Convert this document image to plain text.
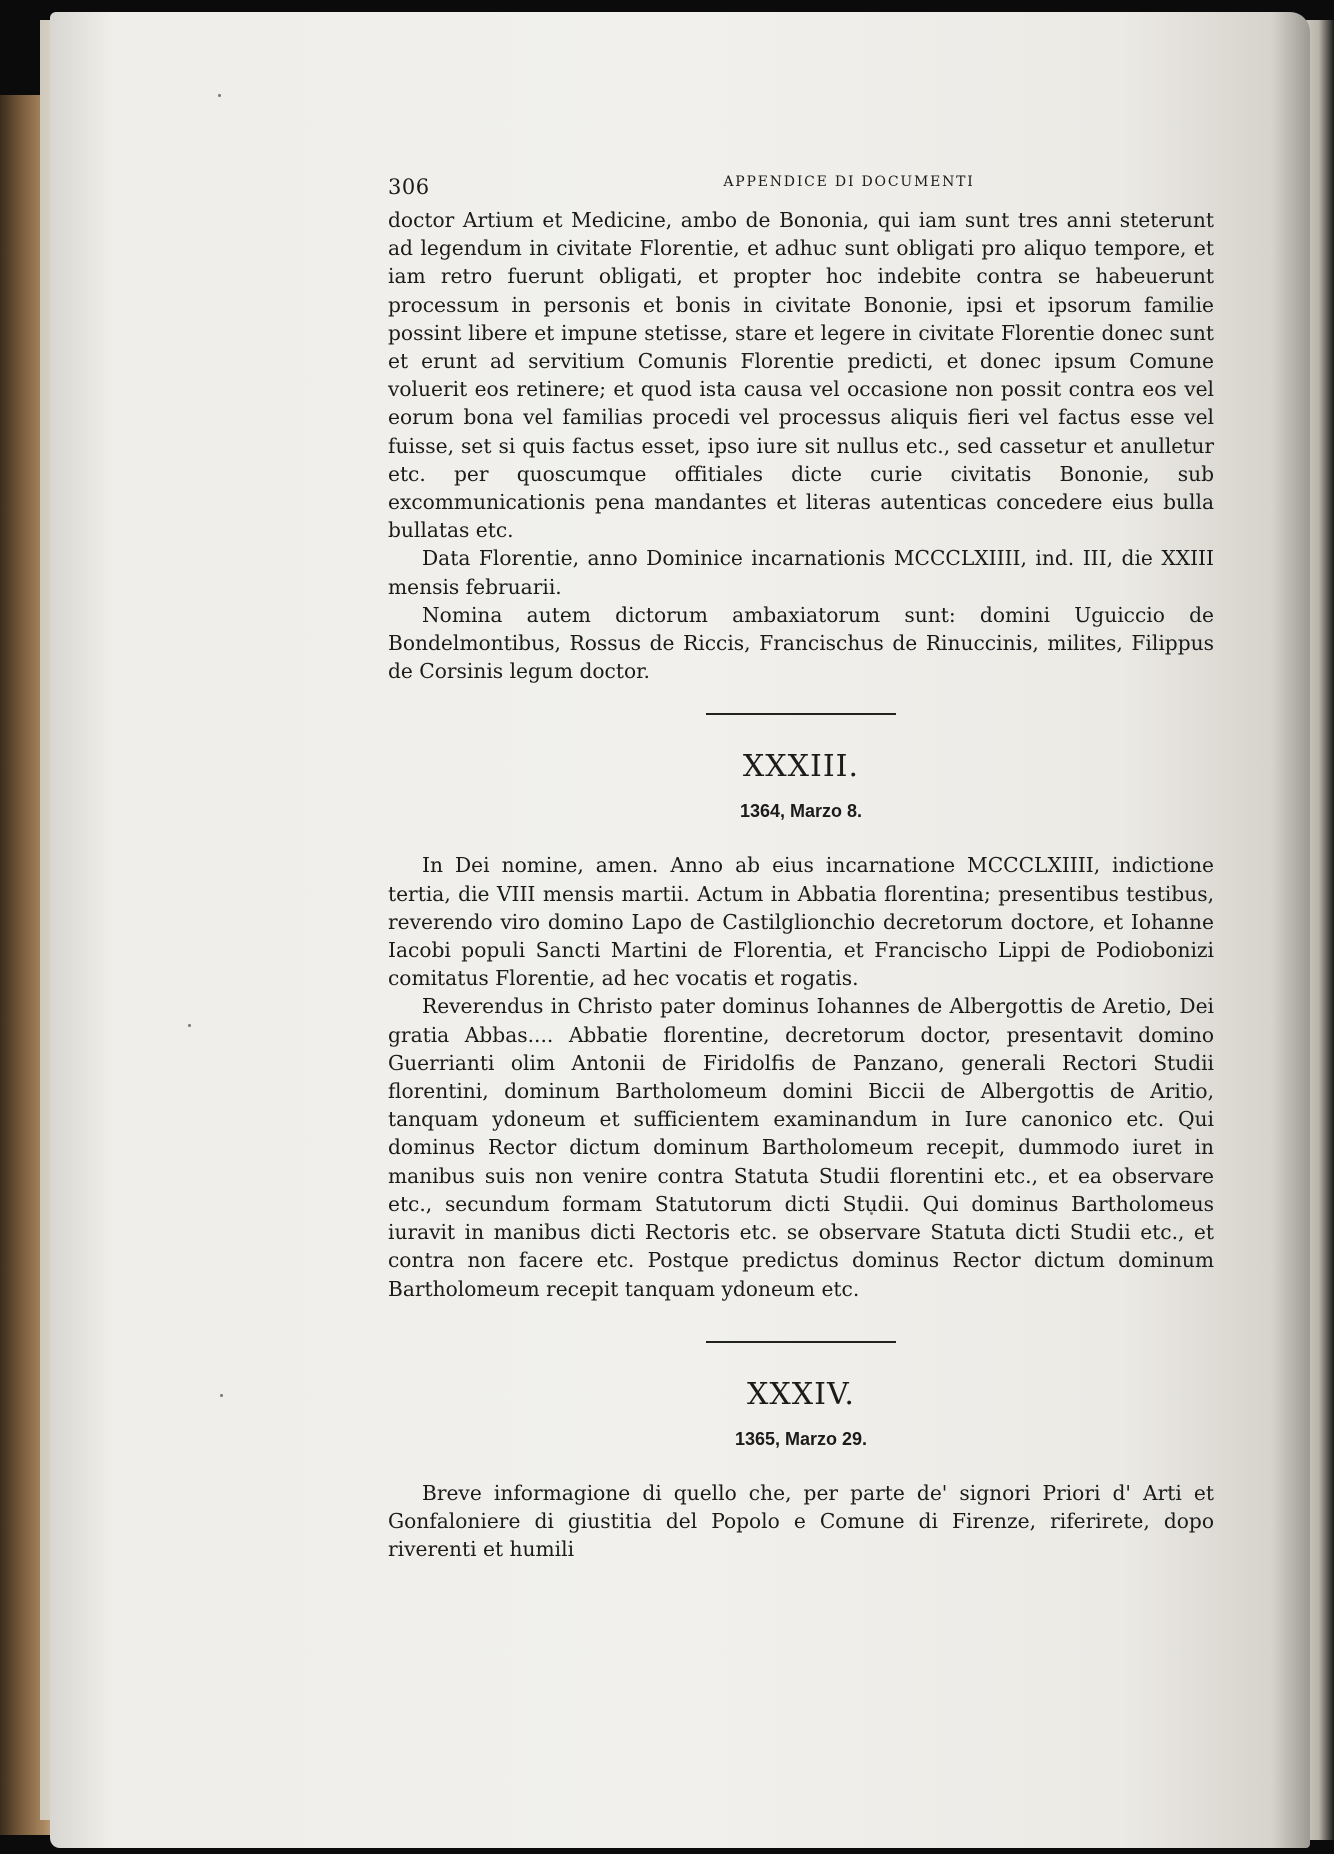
306	APPENDICE DI DOCUMENTI

doctor Artium et Medicine, ambo de Bononia, qui iam sunt tres anni steterunt ad legendum in civitate Florentie, et adhuc sunt obligati pro aliquo tempore, et iam retro fuerunt obligati, et propter hoc indebite contra se habeuerunt processum in personis et bonis in civitate Bononie, ipsi et ipsorum familie possint libere et impune stetisse, stare et legere in civitate Florentie donec sunt et erunt ad servitium Comunis Florentie predicti, et donec ipsum Comune voluerit eos retinere; et quod ista causa vel occasione non possit contra eos vel eorum bona vel familias procedi vel processus aliquis fieri vel factus esse vel fuisse, set si quis factus esset, ipso iure sit nullus etc., sed cassetur et anulletur etc. per quoscumque offitiales dicte curie civitatis Bononie, sub excommunicationis pena mandantes et literas autenticas concedere eius bulla bullatas etc.

Data Florentie, anno Dominice incarnationis MCCCLXIIII, ind. III, die XXIII mensis februarii.

Nomina autem dictorum ambaxiatorum sunt: domini Uguiccio de Bondelmontibus, Rossus de Riccis, Francischus de Rinuccinis, milites, Filippus de Corsinis legum doctor.

XXXIII.
1364, Marzo 8.

In Dei nomine, amen. Anno ab eius incarnatione MCCCLXIIII, indictione tertia, die VIII mensis martii. Actum in Abbatia florentina; presentibus testibus, reverendo viro domino Lapo de Castilglionchio decretorum doctore, et Iohanne Iacobi populi Sancti Martini de Florentia, et Francischo Lippi de Podiobonizi comitatus Florentie, ad hec vocatis et rogatis.

Reverendus in Christo pater dominus Iohannes de Albergottis de Aretio, Dei gratia Abbas.... Abbatie florentine, decretorum doctor, presentavit domino Guerrianti olim Antonii de Firidolfis de Panzano, generali Rectori Studii florentini, dominum Bartholomeum domini Biccii de Albergottis de Aritio, tanquam ydoneum et sufficientem examinandum in Iure canonico etc. Qui dominus Rector dictum dominum Bartholomeum recepit, dummodo iuret in manibus suis non venire contra Statuta Studii florentini etc., et ea observare etc., secundum formam Statutorum dicti Studii. Qui dominus Bartholomeus iuravit in manibus dicti Rectoris etc. se observare Statuta dicti Studii etc., et contra non facere etc. Postque predictus dominus Rector dictum dominum Bartholomeum recepit tanquam ydoneum etc.

XXXIV.
1365, Marzo 29.

Breve informagione di quello che, per parte de' signori Priori d' Arti et Gonfaloniere di giustitia del Popolo e Comune di Firenze, riferirete, dopo riverenti et humili
